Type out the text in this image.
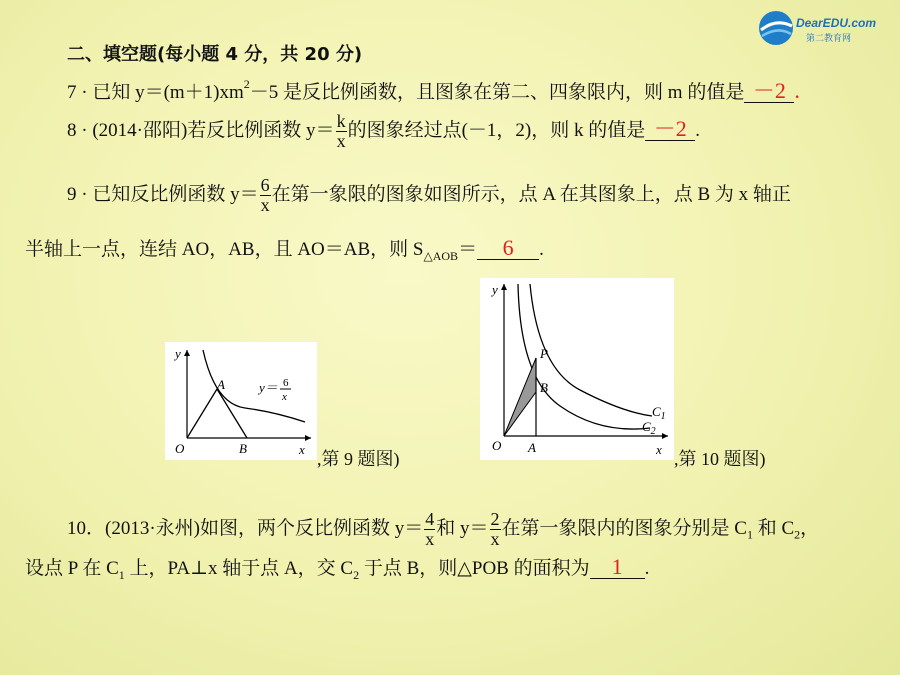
DearEDU.com
第二教育网
二、填空题(每小题 4 分，共 20 分)
7 · 已知 $y=(m+1)xm^2-5$ 是反比例函数，且图象在第二、四象限内，则 m 的值是 －2 .
8 · (2014·邵阳)若反比例函数 $y= \frac{k}{x}$ 的图象经过点(－1，2)，则 k 的值是 －2 .
9 · 已知反比例函数 $y= \frac{6}{x}$ 在第一象限的图象如图所示，点 A 在其图象上，点 B 为 x 轴正
半轴上一点，连结 AO，AB，且 AO＝AB，则 $S_{\triangle AOB}= 6$ .
y
x
O
A
B
y＝ 6
x
,第 9 题图)
y
x
O A
B
P
$C_1$
$C_2$
,第 10 题图)
10．(2013·永州)如图，两个反比例函数 $y= \frac{4}{x}$ 和 $y= \frac{2}{x}$ 在第一象限内的图象分别是 $C_1$ 和 $C_2$，
设点 P 在 $C_1$ 上，PA⊥x 轴于点 A，交 $C_2$ 于点 B，则△POB 的面积为 1 .
